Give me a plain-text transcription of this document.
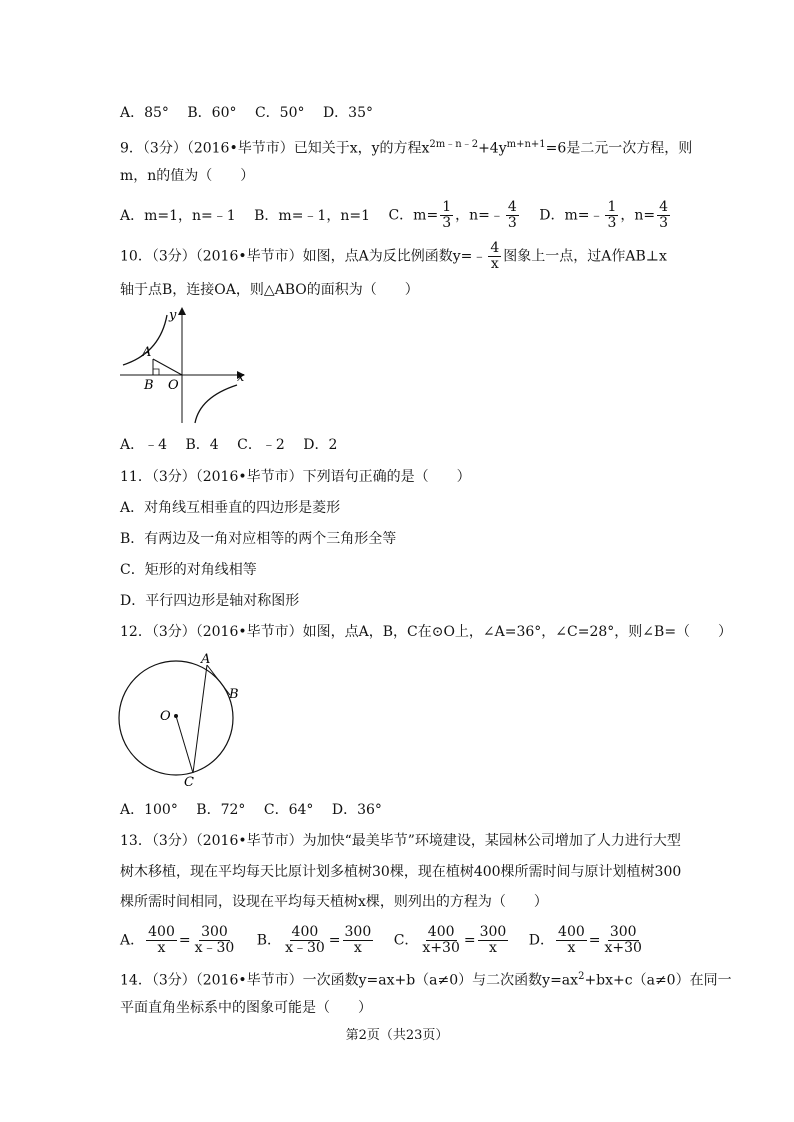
A．85° B．60° C．50° D．35°
9．（3分）（2016•毕节市）已知关于x，y的方程$x^{2m﹣n﹣2}+4y^{m+n+1}=6$是二元一次方程，则
m，n的值为（　　）
A．m=1，n=﹣1 B．m=﹣1，n=1 C．$m= \frac{1}{3}$ ，n=﹣ $\frac{4}{3}$ D．m=﹣ $\frac{1}{3}$ ，$n= \frac{4}{3}$
10．（3分）（2016•毕节市）如图，点A为反比例函数y=﹣ $\frac{4}{x}$ 图象上一点，过A作AB⊥x
轴于点B，连接OA，则△ABO的面积为（　　）
y
A
B O
x
A．﹣4 B．4 C．﹣2 D．2
11．（3分）（2016•毕节市）下列语句正确的是（　　）
A．对角线互相垂直的四边形是菱形
B．有两边及一角对应相等的两个三角形全等
C．矩形的对角线相等
D．平行四边形是轴对称图形
12．（3分）（2016•毕节市）如图，点A，B，C在⊙O上，∠A=36°，∠C=28°，则∠B=（　　）
A
B
O
C
A．100° B．72° C．64° D．36°
13．（3分）（2016•毕节市）为加快“最美毕节”环境建设，某园林公司增加了人力进行大型
树木移植，现在平均每天比原计划多植树30棵，现在植树400棵所需时间与原计划植树300
棵所需时间相同，设现在平均每天植树x棵，则列出的方程为（　　）
A． $\frac{400}{x} = \frac{300}{x﹣30}$ B． $\frac{400}{x﹣30} = \frac{300}{x}$ C． $\frac{400}{x+30} = \frac{300}{x}$ D． $\frac{400}{x} = \frac{300}{x+30}$
14．（3分）（2016•毕节市）一次函数y=ax+b（a≠0）与二次函数$y=ax^2+bx+c(a\ne 0)$在同一
平面直角坐标系中的图象可能是（　　）
第2页（共23页）
